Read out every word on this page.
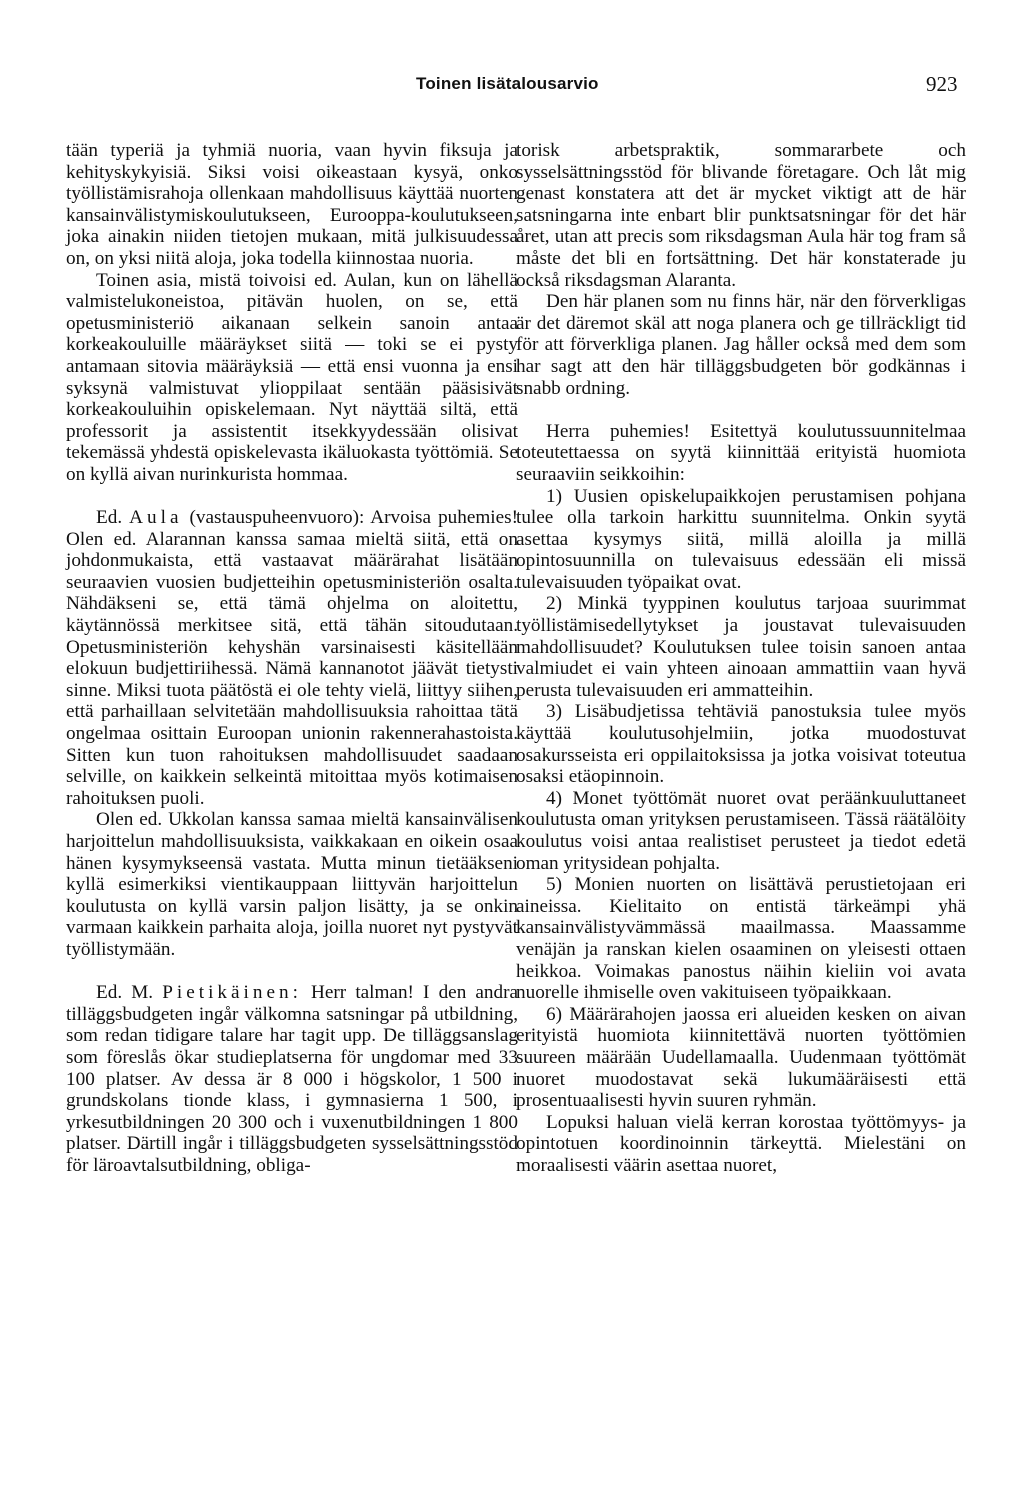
Toinen lisätalousarvio	923

tään typeriä ja tyhmiä nuoria, vaan hyvin fiksuja ja kehityskykyisiä. Siksi voisi oikeastaan kysyä, onko työllistämisrahoja ollenkaan mahdollisuus käyttää nuorten kansainvälistymiskoulutukseen, Eurooppa-koulutukseen, joka ainakin niiden tietojen mukaan, mitä julkisuudessa on, on yksi niitä aloja, joka todella kiinnostaa nuoria.

Toinen asia, mistä toivoisi ed. Aulan, kun on lähellä valmistelukoneistoa, pitävän huolen, on se, että opetusministeriö aikanaan selkein sanoin antaa korkeakouluille määräykset siitä — toki se ei pysty antamaan sitovia määräyksiä — että ensi vuonna ja ensi syksynä valmistuvat ylioppilaat sentään pääsisivät korkeakouluihin opiskelemaan. Nyt näyttää siltä, että professorit ja assistentit itsekkyydessään olisivat tekemässä yhdestä opiskelevasta ikäluokasta työttömiä. Se on kyllä aivan nurinkurista hommaa.

Ed. Aula (vastauspuheenvuoro): Arvoisa puhemies! Olen ed. Alarannan kanssa samaa mieltä siitä, että on johdonmukaista, että vastaavat määrärahat lisätään seuraavien vuosien budjetteihin opetusministeriön osalta. Nähdäkseni se, että tämä ohjelma on aloitettu, käytännössä merkitsee sitä, että tähän sitoudutaan. Opetusministeriön kehyshän varsinaisesti käsitellään elokuun budjettiriihessä. Nämä kannanotot jäävät tietysti sinne. Miksi tuota päätöstä ei ole tehty vielä, liittyy siihen, että parhaillaan selvitetään mahdollisuuksia rahoittaa tätä ongelmaa osittain Euroopan unionin rakennerahastoista. Sitten kun tuon rahoituksen mahdollisuudet saadaan selville, on kaikkein selkeintä mitoittaa myös kotimaisen rahoituksen puoli.

Olen ed. Ukkolan kanssa samaa mieltä kansainvälisen harjoittelun mahdollisuuksista, vaikkakaan en oikein osaa hänen kysymykseensä vastata. Mutta minun tietääkseni kyllä esimerkiksi vientikauppaan liittyvän harjoittelun koulutusta on kyllä varsin paljon lisätty, ja se onkin varmaan kaikkein parhaita aloja, joilla nuoret nyt pystyvät työllistymään.

Ed. M. Pietikäinen: Herr talman! I den andra tilläggsbudgeten ingår välkomna satsningar på utbildning, som redan tidigare talare har tagit upp. De tilläggsanslag som föreslås ökar studieplatserna för ungdomar med 33 100 platser. Av dessa är 8 000 i högskolor, 1 500 i grundskolans tionde klass, i gymnasierna 1 500, i yrkesutbildningen 20 300 och i vuxenutbildningen 1 800 platser. Därtill ingår i tilläggsbudgeten sysselsättningsstöd för läroavtalsutbildning, obliga-

torisk arbetspraktik, sommararbete och sysselsättningsstöd för blivande företagare. Och låt mig genast konstatera att det är mycket viktigt att de här satsningarna inte enbart blir punktsatsningar för det här året, utan att precis som riksdagsman Aula här tog fram så måste det bli en fortsättning. Det här konstaterade ju också riksdagsman Alaranta.

Den här planen som nu finns här, när den förverkligas är det däremot skäl att noga planera och ge tillräckligt tid för att förverkliga planen. Jag håller också med dem som har sagt att den här tilläggsbudgeten bör godkännas i snabb ordning.

Herra puhemies! Esitettyä koulutussuunnitelmaa toteutettaessa on syytä kiinnittää erityistä huomiota seuraaviin seikkoihin:

1) Uusien opiskelupaikkojen perustamisen pohjana tulee olla tarkoin harkittu suunnitelma. Onkin syytä asettaa kysymys siitä, millä aloilla ja millä opintosuunnilla on tulevaisuus edessään eli missä tulevaisuuden työpaikat ovat.

2) Minkä tyyppinen koulutus tarjoaa suurimmat työllistämisedellytykset ja joustavat tulevaisuuden mahdollisuudet? Koulutuksen tulee toisin sanoen antaa valmiudet ei vain yhteen ainoaan ammattiin vaan hyvä perusta tulevaisuuden eri ammatteihin.

3) Lisäbudjetissa tehtäviä panostuksia tulee myös käyttää koulutusohjelmiin, jotka muodostuvat osakursseista eri oppilaitoksissa ja jotka voisivat toteutua osaksi etäopinnoin.

4) Monet työttömät nuoret ovat peräänkuuluttaneet koulutusta oman yrityksen perustamiseen. Tässä räätälöity koulutus voisi antaa realistiset perusteet ja tiedot edetä oman yritysidean pohjalta.

5) Monien nuorten on lisättävä perustietojaan eri aineissa. Kielitaito on entistä tärkeämpi yhä kansainvälistyvämmässä maailmassa. Maassamme venäjän ja ranskan kielen osaaminen on yleisesti ottaen heikkoa. Voimakas panostus näihin kieliin voi avata nuorelle ihmiselle oven vakituiseen työpaikkaan.

6) Määrärahojen jaossa eri alueiden kesken on aivan erityistä huomiota kiinnitettävä nuorten työttömien suureen määrään Uudellamaalla. Uudenmaan työttömät nuoret muodostavat sekä lukumääräisesti että prosentuaalisesti hyvin suuren ryhmän.

Lopuksi haluan vielä kerran korostaa työttömyys- ja opintotuen koordinoinnin tärkeyttä. Mielestäni on moraalisesti väärin asettaa nuoret,
